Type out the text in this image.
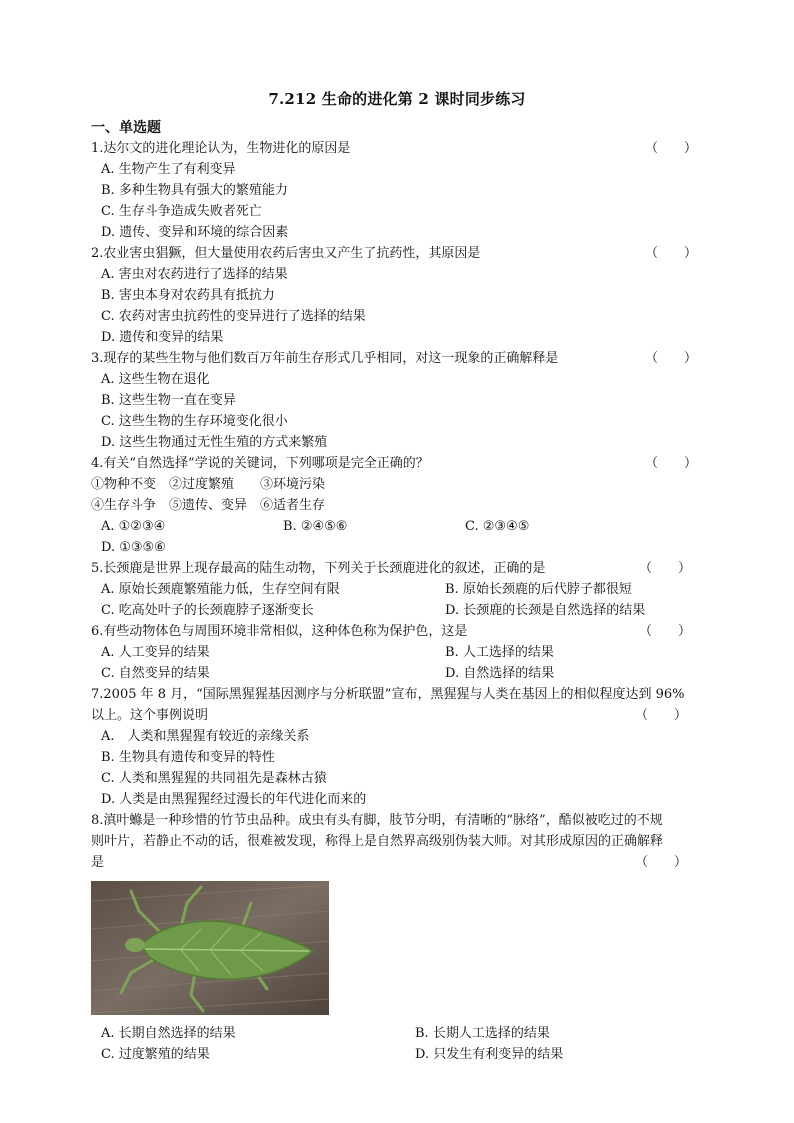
7.212 生命的进化第 2 课时同步练习
一、单选题
1.达尔文的进化理论认为，生物进化的原因是	（　　）
A. 生物产生了有利变异
B. 多种生物具有强大的繁殖能力
C. 生存斗争造成失败者死亡
D. 遗传、变异和环境的综合因素
2.农业害虫猖獗，但大量使用农药后害虫又产生了抗药性，其原因是	（　　）
A. 害虫对农药进行了选择的结果
B. 害虫本身对农药具有抵抗力
C. 农药对害虫抗药性的变异进行了选择的结果
D. 遗传和变异的结果
3.现存的某些生物与他们数百万年前生存形式几乎相同，对这一现象的正确解释是	（　　）
A. 这些生物在退化
B. 这些生物一直在变异
C. 这些生物的生存环境变化很小
D. 这些生物通过无性生殖的方式来繁殖
4.有关“自然选择”学说的关键词，下列哪项是完全正确的？	（　　）
①物种不变　②过度繁殖　　③环境污染
④生存斗争　⑤遗传、变异　⑥适者生存
A. ①②③④	B. ②④⑤⑥	C. ②③④⑤
D. ①③⑤⑥
5.长颈鹿是世界上现存最高的陆生动物，下列关于长颈鹿进化的叙述，正确的是	（　　）
A. 原始长颈鹿繁殖能力低，生存空间有限	B. 原始长颈鹿的后代脖子都很短
C. 吃高处叶子的长颈鹿脖子逐渐变长	D. 长颈鹿的长颈是自然选择的结果
6.有些动物体色与周围环境非常相似，这种体色称为保护色，这是	（　　）
A. 人工变异的结果	B. 人工选择的结果
C. 自然变异的结果	D. 自然选择的结果
7.2005 年 8 月，“国际黑猩猩基因测序与分析联盟”宣布，黑猩猩与人类在基因上的相似程度达到 96%
以上。这个事例说明	（　　）
A.　人类和黑猩猩有较近的亲缘关系
B. 生物具有遗传和变异的特性
C. 人类和黑猩猩的共同祖先是森林古猿
D. 人类是由黑猩猩经过漫长的年代进化而来的
8.滇叶螩是一种珍惜的竹节虫品种。成虫有头有脚，肢节分明，有清晰的“脉络”，酷似被吃过的不规
则叶片，若静止不动的话，很难被发现，称得上是自然界高级别伪装大师。对其形成原因的正确解释
是	（　　）
A. 长期自然选择的结果	B. 长期人工选择的结果
C. 过度繁殖的结果	D. 只发生有利变异的结果
